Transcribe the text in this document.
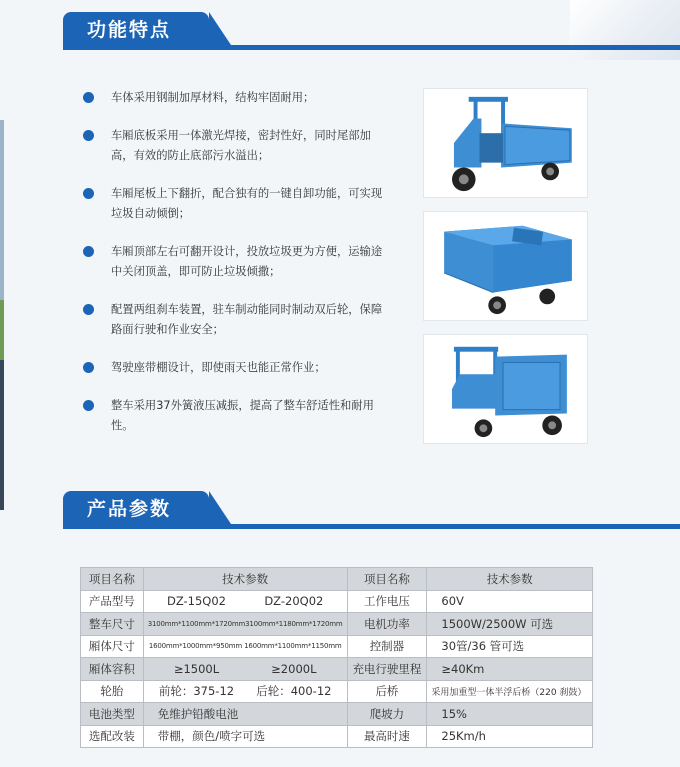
功能特点
车体采用钢制加厚材料，结构牢固耐用；
车厢底板采用一体激光焊接，密封性好，同时尾部加高，有效的防止底部污水溢出；
车厢尾板上下翻折，配合独有的一键自卸功能，可实现垃圾自动倾倒；
车厢顶部左右可翻开设计，投放垃圾更为方便，运输途中关闭顶盖，即可防止垃圾倾撒；
配置两组刹车装置，驻车制动能同时制动双后轮，保障路面行驶和作业安全；
驾驶座带棚设计，即使雨天也能正常作业；
整车采用37外簧液压减振，提高了整车舒适性和耐用性。
产品参数
项目名称	技术参数	项目名称	技术参数
产品型号	DZ-15Q02 DZ-20Q02	工作电压	60V
整车尺寸	3100mm*1100mm*1720mm 3100mm*1180mm*1720mm	电机功率	1500W/2500W 可选
厢体尺寸	1600mm*1000mm*950mm 1600mm*1100mm*1150mm	控制器	30管/36 管可选
厢体容积	≥1500L ≥2000L	充电行驶里程	≥40Km
轮胎	前轮：375-12 后轮：400-12	后桥	采用加重型一体半浮后桥（220 刹鼓）
电池类型	免维护铅酸电池	爬坡力	15%
选配改装	带棚，颜色/喷字可选	最高时速	25Km/h
